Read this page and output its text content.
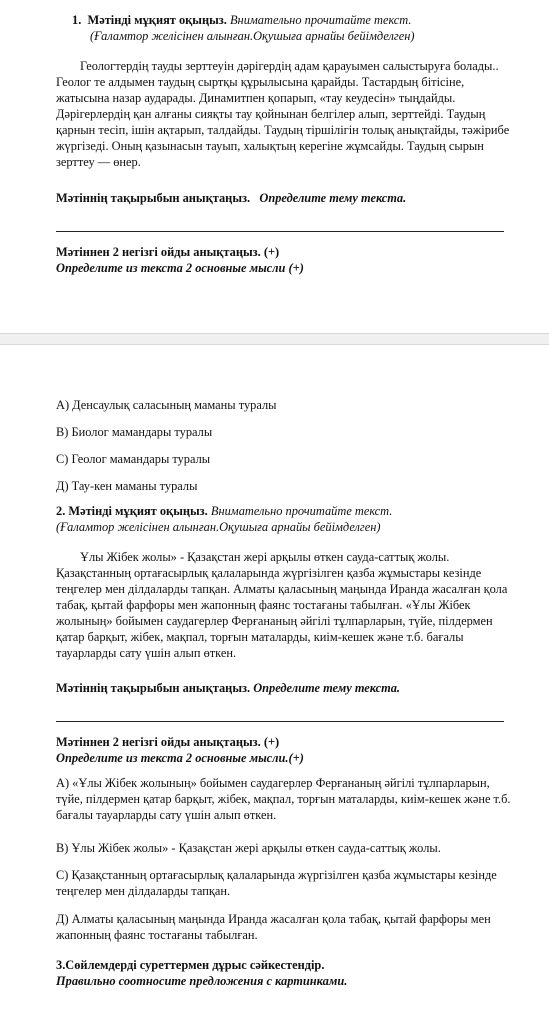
1. Мәтінді мұқият оқыңыз. Внимательно прочитайте текст.

(Ғаламтор желісінен алынған.Оқушыға арнайы бейімделген)

Геологтердің тауды зерттеуін дәрігердің адам қарауымен салыстыруға болады.. Геолог те алдымен таудың сыртқы құрылысына қарайды. Тастардың бітісіне, жатысына назар аударады. Динамитпен қопарып, «тау кеудесін» тыңдайды. Дәрігерлердің қан алғаны сияқты тау қойнынан белгілер алып, зерттейді. Таудың қарнын тесіп, ішін ақтарып, талдайды. Таудың тіршілігін толық анықтайды, тәжірибе жүргізеді. Оның қазынасын тауып, халықтың керегіне жұмсайды. Таудың сырын зерттеу — өнер.

Мәтіннің тақырыбын анықтаңыз. Определите тему текста.

Мәтіннен 2 негізгі ойды анықтаңыз. (+)

Определите из текста 2 основные мысли (+)

А) Денсаулық саласының маманы туралы
В) Биолог мамандары туралы
С) Геолог мамандары туралы
Д) Тау-кен маманы туралы

2. Мәтінді мұқият оқыңыз. Внимательно прочитайте текст.

(Ғаламтор желісінен алынған.Оқушыға арнайы бейімделген)

Ұлы Жібек жолы» - Қазақстан жері арқылы өткен сауда-саттық жолы. Қазақстанның ортағасырлық қалаларында жүргізілген қазба жұмыстары кезінде теңгелер мен ділдаларды тапқан. Алматы қаласының маңында Иранда жасалған қола табақ, қытай фарфоры мен жапонның фаянс тостағаны табылған. «Ұлы Жібек жолының» бойымен саудагерлер Ферғананың әйгілі тұлпарларын, түйе, пілдермен қатар барқыт, жібек, мақпал, торғын маталарды, киім-кешек және т.б. бағалы тауарларды сату үшін алып өткен.

Мәтіннің тақырыбын анықтаңыз. Определите тему текста.

Мәтіннен 2 негізгі ойды анықтаңыз. (+)

Определите из текста 2 основные мысли.(+)

А) «Ұлы Жібек жолының» бойымен саудагерлер Ферғананың әйгілі тұлпарларын, түйе, пілдермен қатар барқыт, жібек, мақпал, торғын маталарды, киім-кешек және т.б. бағалы тауарларды сату үшін алып өткен.
В) Ұлы Жібек жолы» - Қазақстан жері арқылы өткен сауда-саттық жолы.
С) Қазақстанның ортағасырлық қалаларында жүргізілген қазба жұмыстары кезінде теңгелер мен ділдаларды тапқан.
Д) Алматы қаласының маңында Иранда жасалған қола табақ, қытай фарфоры мен жапонның фаянс тостағаны табылған.

3.Сөйлемдерді суреттермен дұрыс сәйкестендір.

Правильно соотносите предложения с картинками.
